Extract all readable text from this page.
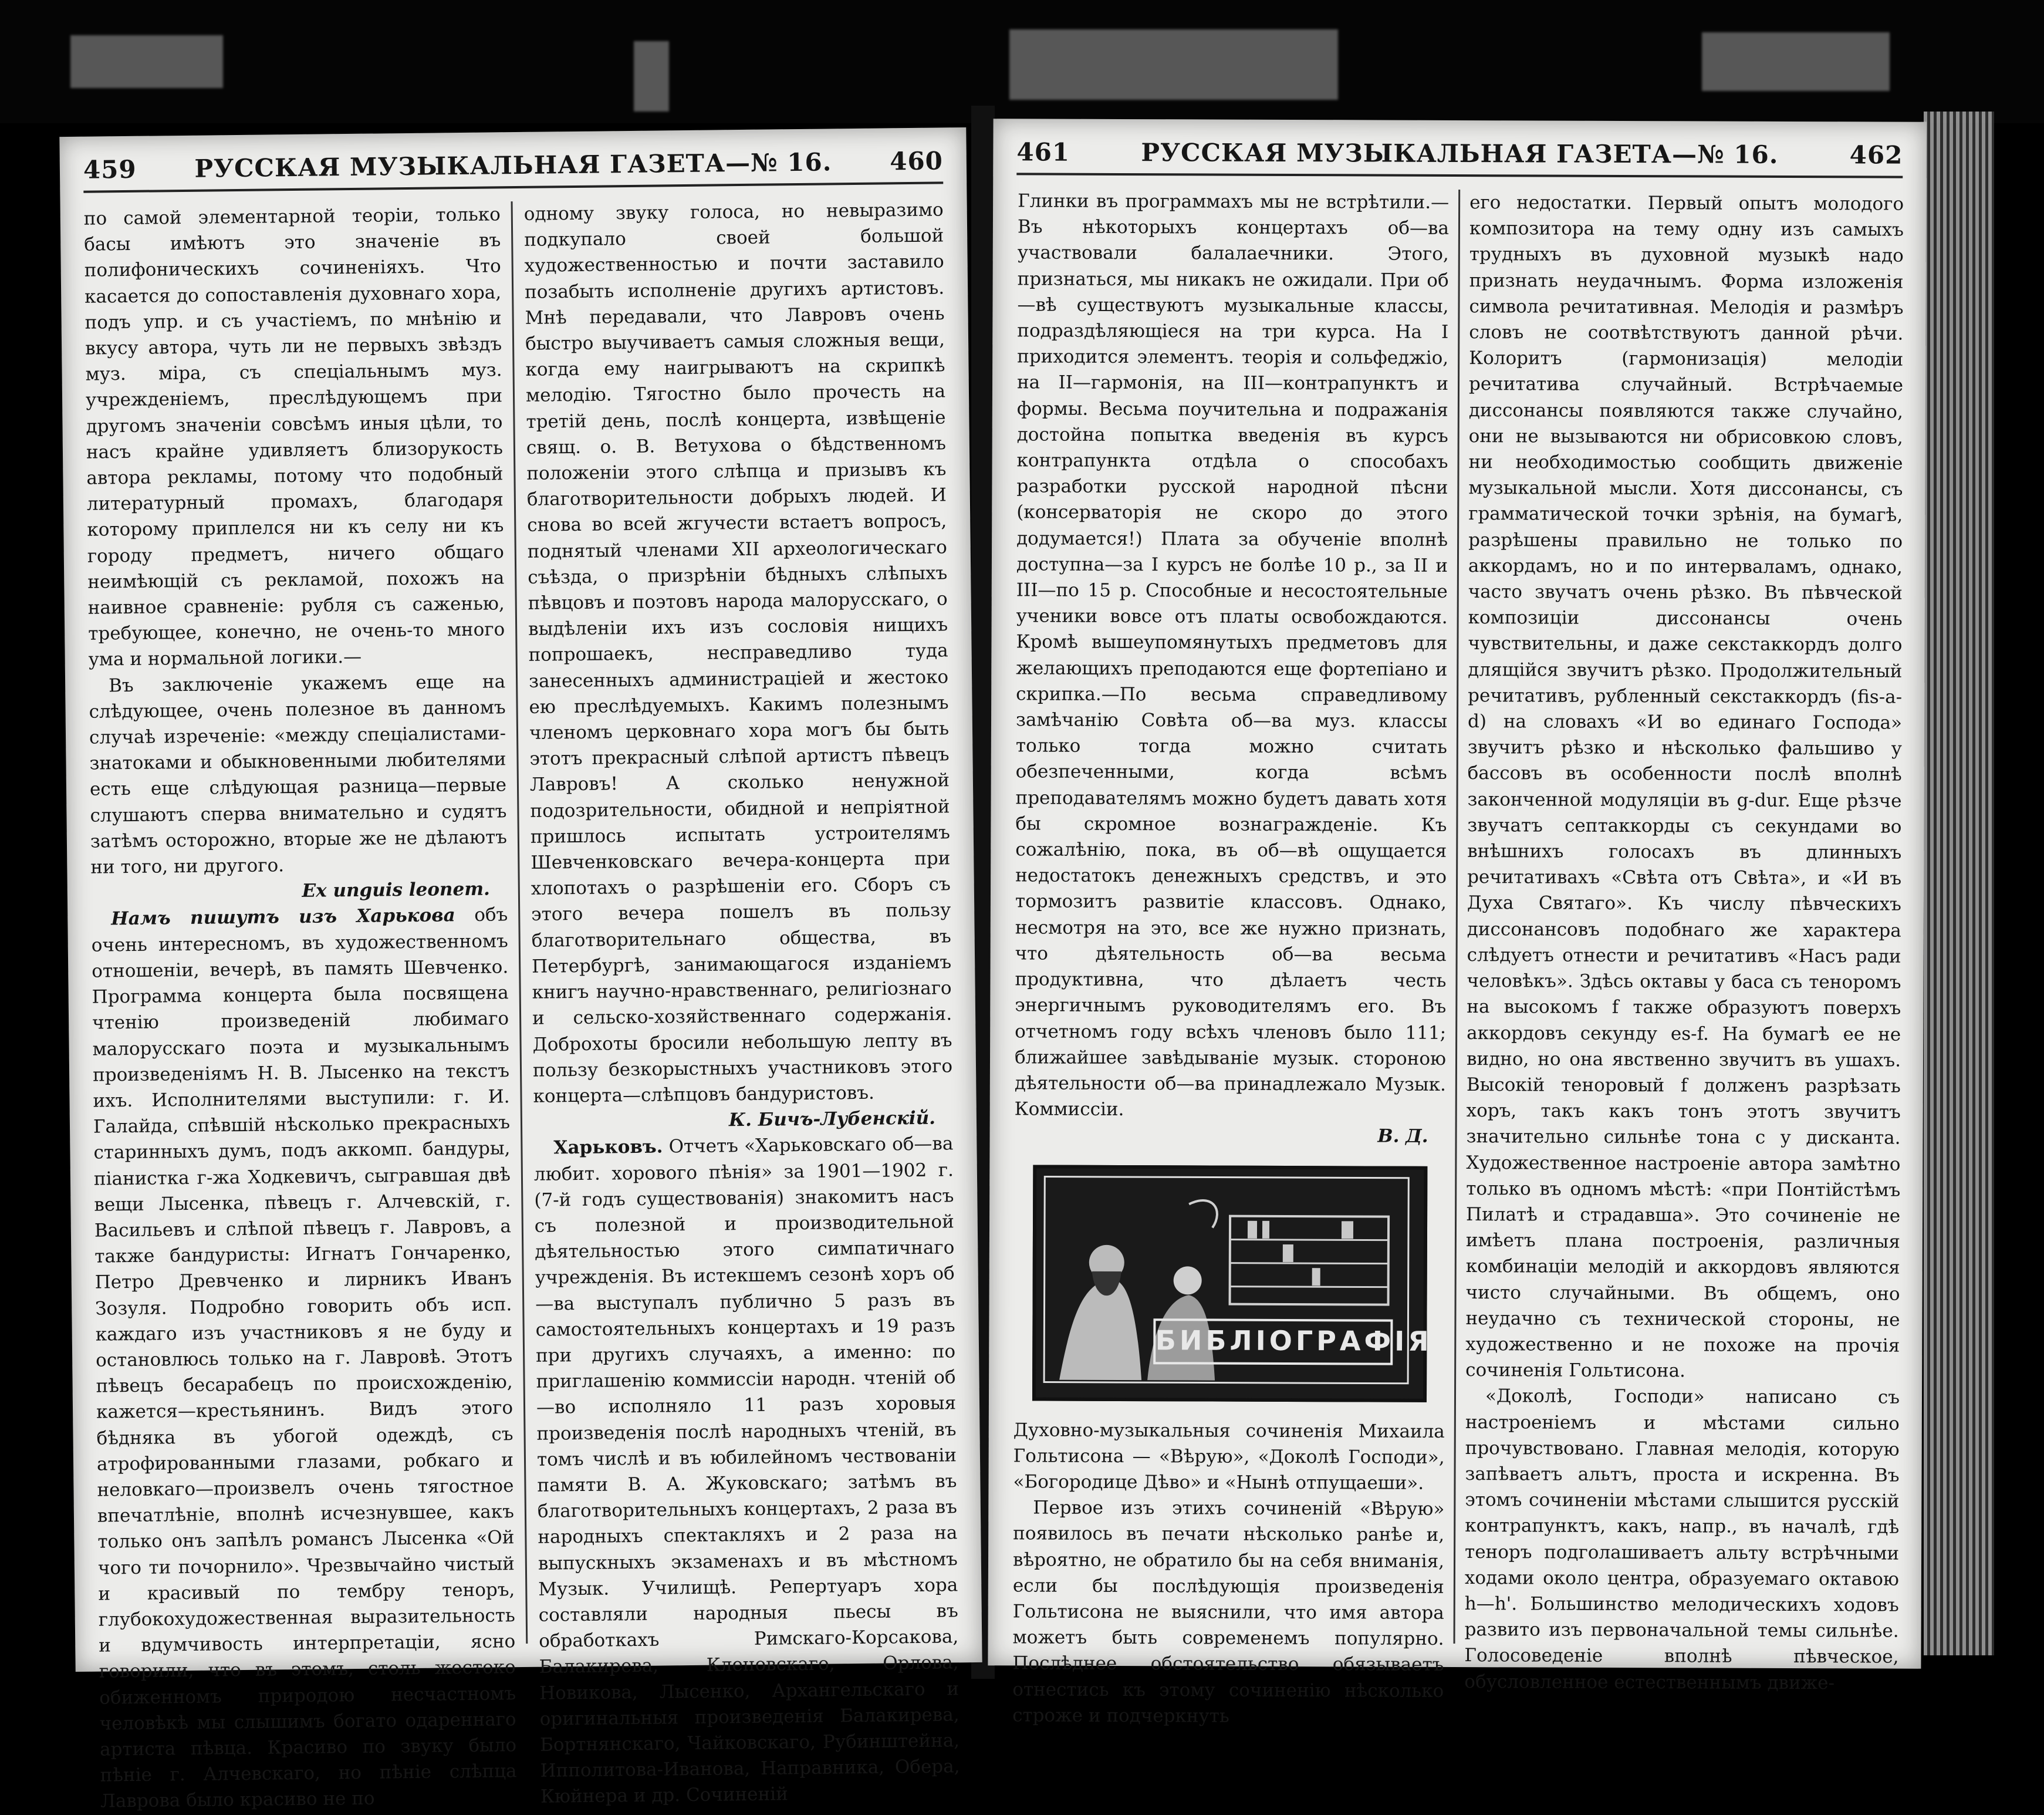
459	РУССКАЯ МУЗЫКАЛЬНАЯ ГАЗЕТА—№ 16.	460

по самой элементарной теоріи, только басы имѣютъ это значеніе въ полифоническихъ сочиненіяхъ. Что касается до сопоставленія духовнаго хора, подъ упр. и съ участіемъ, по мнѣнію и вкусу автора, чуть ли не первыхъ звѣздъ муз. міра, съ спеціальнымъ муз. учрежденіемъ, преслѣдующемъ при другомъ значеніи совсѣмъ иныя цѣли, то насъ крайне удивляетъ близорукость автора рекламы, потому что подобный литературный промахъ, благодаря которому приплелся ни къ селу ни къ городу предметъ, ничего общаго неимѣющій съ рекламой, похожъ на наивное сравненіе: рубля съ саженью, требующее, конечно, не очень-то много ума и нормальной логики.—

Въ заключеніе укажемъ еще на слѣдующее, очень полезное въ данномъ случаѣ изреченіе: «между спеціалистами-знатоками и обыкновенными любителями есть еще слѣдующая разница—первые слушаютъ сперва внимательно и судятъ затѣмъ осторожно, вторые же не дѣлаютъ ни того, ни другого.

Ex unguis leonem.

Намъ пишутъ изъ Харькова объ очень интересномъ, въ художественномъ отношеніи, вечерѣ, въ память Шевченко. Программа концерта была посвящена чтенію произведеній любимаго малорусскаго поэта и музыкальнымъ произведеніямъ Н. В. Лысенко на текстъ ихъ. Исполнителями выступили: г. И. Галайда, спѣвшій нѣсколько прекрасныхъ старинныхъ думъ, подъ аккомп. бандуры, піанистка г-жа Ходкевичъ, сыгравшая двѣ вещи Лысенка, пѣвецъ г. Алчевскій, г. Васильевъ и слѣпой пѣвецъ г. Лавровъ, а также бандуристы: Игнатъ Гончаренко, Петро Древченко и лирникъ Иванъ Зозуля. Подробно говорить объ исп. каждаго изъ участниковъ я не буду и остановлюсь только на г. Лавровѣ. Этотъ пѣвецъ бесарабецъ по происхожденію, кажется—крестьянинъ. Видъ этого бѣдняка въ убогой одеждѣ, съ атрофированными глазами, робкаго и неловкаго—произвелъ очень тягостное впечатлѣніе, вполнѣ исчезнувшее, какъ только онъ запѣлъ романсъ Лысенка «Ой чого ти почорнило». Чрезвычайно чистый и красивый по тембру теноръ, глубокохудожественная выразительность и вдумчивость интерпретаціи, ясно говорили, что въ этомъ, столь жестоко обиженномъ природою несчастномъ человѣкѣ мы слышимъ богато одареннаго артиста пѣвца. Красиво по звуку было пѣніе г. Алчевскаго, но пѣніе слѣпца Лаврова было красиво не по

одному звуку голоса, но невыразимо подкупало своей большой художественностью и почти заставило позабыть исполненіе другихъ артистовъ. Мнѣ передавали, что Лавровъ очень быстро выучиваетъ самыя сложныя вещи, когда ему наигрываютъ на скрипкѣ мелодію. Тягостно было прочесть на третій день, послѣ концерта, извѣщеніе свящ. о. В. Ветухова о бѣдственномъ положеніи этого слѣпца и призывъ къ благотворительности добрыхъ людей. И снова во всей жгучести встаетъ вопросъ, поднятый членами XII археологическаго съѣзда, о призрѣніи бѣдныхъ слѣпыхъ пѣвцовъ и поэтовъ народа малорусскаго, о выдѣленіи ихъ изъ сословія нищихъ попрошаекъ, несправедливо туда занесенныхъ администраціей и жестоко ею преслѣдуемыхъ. Какимъ полезнымъ членомъ церковнаго хора могъ бы быть этотъ прекрасный слѣпой артистъ пѣвецъ Лавровъ! А сколько ненужной подозрительности, обидной и непріятной пришлось испытать устроителямъ Шевченковскаго вечера-концерта при хлопотахъ о разрѣшеніи его. Сборъ съ этого вечера пошелъ въ пользу благотворительнаго общества, въ Петербургѣ, занимающагося изданіемъ книгъ научно-нравственнаго, религіознаго и сельско-хозяйственнаго содержанія. Доброхоты бросили небольшую лепту въ пользу безкорыстныхъ участниковъ этого концерта—слѣпцовъ бандуристовъ.

К. Бичъ-Лубенскій.

Харьковъ. Отчетъ «Харьковскаго об—ва любит. хорового пѣнія» за 1901—1902 г. (7-й годъ существованія) знакомитъ насъ съ полезной и производительной дѣятельностью этого симпатичнаго учрежденія. Въ истекшемъ сезонѣ хоръ об—ва выступалъ публично 5 разъ въ самостоятельныхъ концертахъ и 19 разъ при другихъ случаяхъ, а именно: по приглашенію коммиссіи народн. чтеній об—во исполняло 11 разъ хоровыя произведенія послѣ народныхъ чтеній, въ томъ числѣ и въ юбилейномъ чествованіи памяти В. А. Жуковскаго; затѣмъ въ благотворительныхъ концертахъ, 2 раза въ народныхъ спектакляхъ и 2 раза на выпускныхъ экзаменахъ и въ мѣстномъ Музык. Училищѣ. Репертуаръ хора составляли народныя пьесы въ обработкахъ Римскаго-Корсакова, Балакирева, Кленовскаго, Орлова, Новикова, Лысенко, Архангельскаго и оригинальныя произведенія Балакирева, Бортнянскаго, Чайковскаго, Рубинштейна, Ипполитова-Иванова, Направника, Обера, Кюйнера и др. Сочиненій

461	РУССКАЯ МУЗЫКАЛЬНАЯ ГАЗЕТА—№ 16.	462

Глинки въ программахъ мы не встрѣтили.— Въ нѣкоторыхъ концертахъ об—ва участвовали балалаечники. Этого, признаться, мы никакъ не ожидали. При об—вѣ существуютъ музыкальные классы, подраздѣляющіеся на три курса. На I приходится элементъ. теорія и сольфеджіо, на II—гармонія, на III—контрапунктъ и формы. Весьма поучительна и подражанія достойна попытка введенія въ курсъ контрапункта отдѣла о способахъ разработки русской народной пѣсни (консерваторія не скоро до этого додумается!) Плата за обученіе вполнѣ доступна—за I курсъ не болѣе 10 р., за II и III—по 15 р. Способные и несостоятельные ученики вовсе отъ платы освобождаются. Кромѣ вышеупомянутыхъ предметовъ для желающихъ преподаются еще фортепіано и скрипка.—По весьма справедливому замѣчанію Совѣта об—ва муз. классы только тогда можно считать обезпеченными, когда всѣмъ преподавателямъ можно будетъ давать хотя бы скромное вознагражденіе. Къ сожалѣнію, пока, въ об—вѣ ощущается недостатокъ денежныхъ средствъ, и это тормозитъ развитіе классовъ. Однако, несмотря на это, все же нужно признать, что дѣятельность об—ва весьма продуктивна, что дѣлаетъ честь энергичнымъ руководителямъ его. Въ отчетномъ году всѣхъ членовъ было 111; ближайшее завѣдываніе музык. стороною дѣятельности об—ва принадлежало Музык. Коммиссіи.

В. Д.

БИБЛІОГРАФІЯ

Духовно-музыкальныя сочиненія Михаила Гольтисона — «Вѣрую», «Доколѣ Господи», «Богородице Дѣво» и «Нынѣ отпущаеши».

Первое изъ этихъ сочиненій «Вѣрую» появилось въ печати нѣсколько ранѣе и, вѣроятно, не обратило бы на себя вниманія, если бы послѣдующія произведенія Гольтисона не выяснили, что имя автора можетъ быть современемъ популярно. Послѣднее обстоятельство обязываетъ отнестись къ этому сочиненію нѣсколько строже и подчеркнуть

его недостатки. Первый опытъ молодого композитора на тему одну изъ самыхъ трудныхъ въ духовной музыкѣ надо признать неудачнымъ. Форма изложенія символа речитативная. Мелодія и размѣръ словъ не соотвѣтствуютъ данной рѣчи. Колоритъ (гармонизація) мелодіи речитатива случайный. Встрѣчаемые диссонансы появляются также случайно, они не вызываются ни обрисовкою словъ, ни необходимостью сообщить движеніе музыкальной мысли. Хотя диссонансы, съ грамматической точки зрѣнія, на бумагѣ, разрѣшены правильно не только по аккордамъ, но и по интерваламъ, однако, часто звучатъ очень рѣзко. Въ пѣвческой композиціи диссонансы очень чувствительны, и даже секстаккордъ долго длящійся звучитъ рѣзко. Продолжительный речитативъ, рубленный секстаккордъ (fis-a-d) на словахъ «И во единаго Господа» звучитъ рѣзко и нѣсколько фальшиво у бассовъ въ особенности послѣ вполнѣ законченной модуляціи въ g-dur. Еще рѣзче звучатъ септаккорды съ секундами во внѣшнихъ голосахъ въ длинныхъ речитативахъ «Свѣта отъ Свѣта», и «И въ Духа Святаго». Къ числу пѣвческихъ диссонансовъ подобнаго же характера слѣдуетъ отнести и речитативъ «Насъ ради человѣкъ». Здѣсь октавы у баса съ теноромъ на высокомъ f также образуютъ поверхъ аккордовъ секунду es-f. На бумагѣ ее не видно, но она явственно звучитъ въ ушахъ. Высокій теноровый f долженъ разрѣзать хоръ, такъ какъ тонъ этотъ звучитъ значительно сильнѣе тона c у дисканта. Художественное настроеніе автора замѣтно только въ одномъ мѣстѣ: «при Понтійстѣмъ Пилатѣ и страдавша». Это сочиненіе не имѣетъ плана построенія, различныя комбинаціи мелодій и аккордовъ являются чисто случайными. Въ общемъ, оно неудачно съ технической стороны, не художественно и не похоже на прочія сочиненія Гольтисона.

«Доколѣ, Господи» написано съ настроеніемъ и мѣстами сильно прочувствовано. Главная мелодія, которую запѣваетъ альтъ, проста и искренна. Въ этомъ сочиненіи мѣстами слышится русскій контрапунктъ, какъ, напр., въ началѣ, гдѣ теноръ подголашиваетъ альту встрѣчными ходами около центра, образуемаго октавою h—h'. Большинство мелодическихъ ходовъ развито изъ первоначальной темы сильнѣе. Голосоведеніе вполнѣ пѣвческое, обусловленное естественнымъ движе-
